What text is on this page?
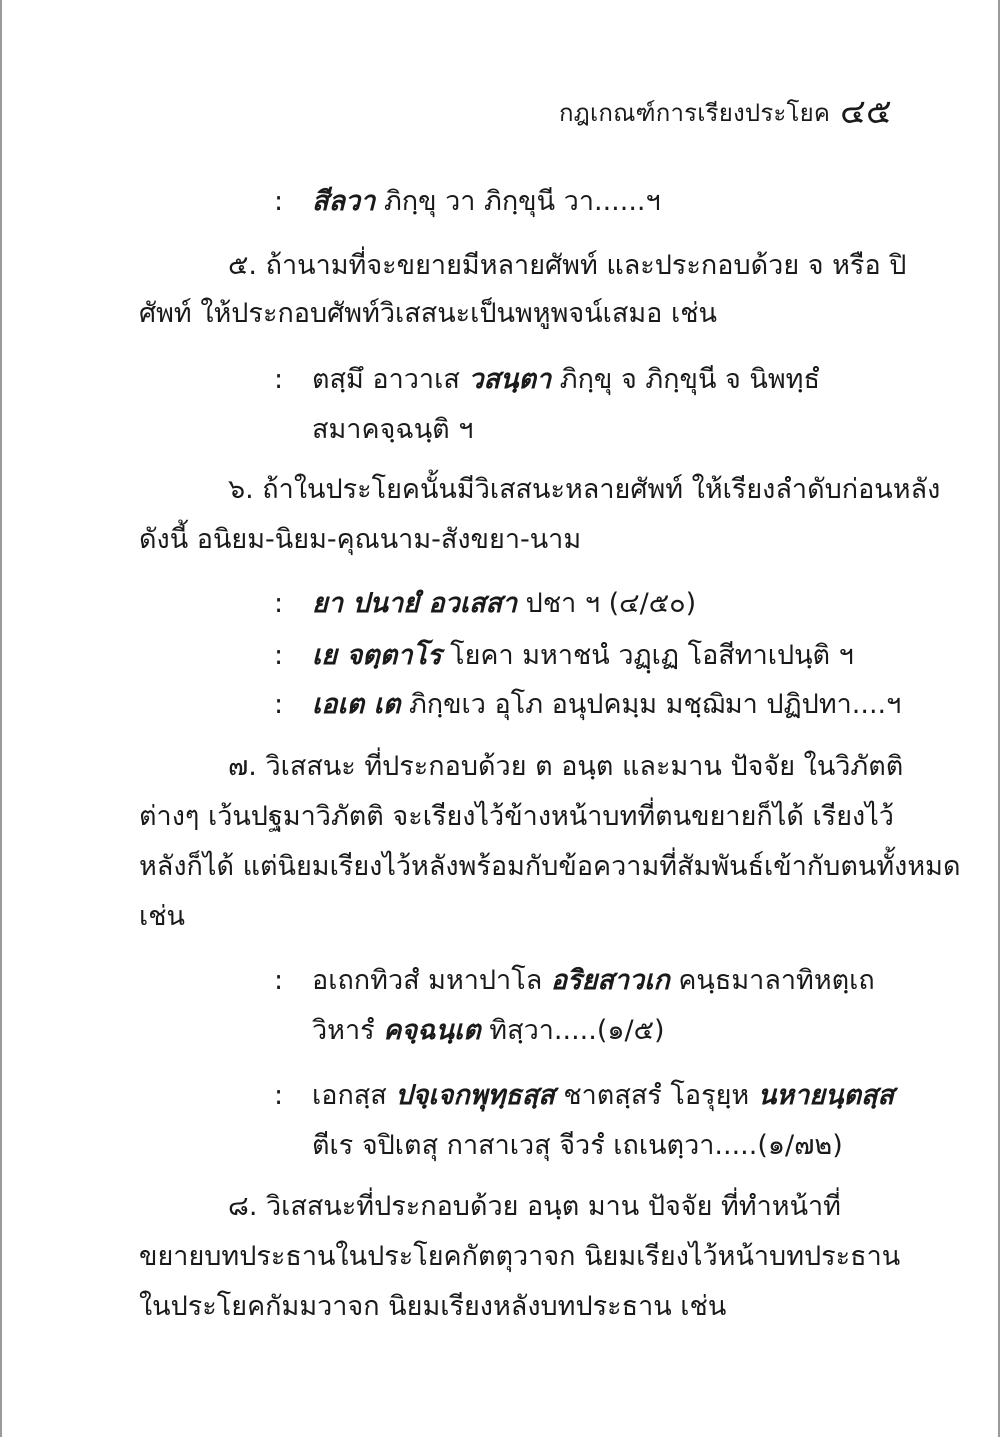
กฎเกณฑ์การเรียงประโยค ๔๕
: สีลวา ภิกฺขุ วา ภิกฺขุนี วา......ฯ
๕. ถ้านามที่จะขยายมีหลายศัพท์ และประกอบด้วย จ หรือ ปิ
ศัพท์ ให้ประกอบศัพท์วิเสสนะเป็นพหูพจน์เสมอ เช่น
: ตสฺมึ อาวาเส วสนฺตา ภิกฺขุ จ ภิกฺขุนี จ นิพทฺธํ
สมาคจฺฉนฺติ ฯ
๖. ถ้าในประโยคนั้นมีวิเสสนะหลายศัพท์ ให้เรียงลำดับก่อนหลัง
ดังนี้ อนิยม-นิยม-คุณนาม-สังขยา-นาม
: ยา ปนายํ อวเสสา ปชา ฯ (๔/๕๐)
: เย จตฺตาโร โยคา มหาชนํ วฏฺเฏ โอสีทาเปนฺติ ฯ
: เอเต เต ภิกฺขเว อุโภ อนุปคมฺม มชฺฌิมา ปฏิปทา....ฯ
๗. วิเสสนะ ที่ประกอบด้วย ต อนฺต และมาน ปัจจัย ในวิภัตติ
ต่างๆ เว้นปฐมาวิภัตติ จะเรียงไว้ข้างหน้าบทที่ตนขยายก็ได้ เรียงไว้
หลังก็ได้ แต่นิยมเรียงไว้หลังพร้อมกับข้อความที่สัมพันธ์เข้ากับตนทั้งหมด
เช่น
: อเถกทิวสํ มหาปาโล อริยสาวเก คนฺธมาลาทิหตฺเถ
วิหารํ คจฺฉนฺเต ทิสฺวา.....(๑/๕)
: เอกสฺส ปจฺเจกพุทฺธสฺส ชาตสฺสรํ โอรุยฺห นหายนฺตสฺส
ตีเร จปิเตสุ กาสาเวสุ จีวรํ เถเนตฺวา.....(๑/๗๒)
๘. วิเสสนะที่ประกอบด้วย อนฺต มาน ปัจจัย ที่ทำหน้าที่
ขยายบทประธานในประโยคกัตตุวาจก นิยมเรียงไว้หน้าบทประธาน
ในประโยคกัมมวาจก นิยมเรียงหลังบทประธาน เช่น
